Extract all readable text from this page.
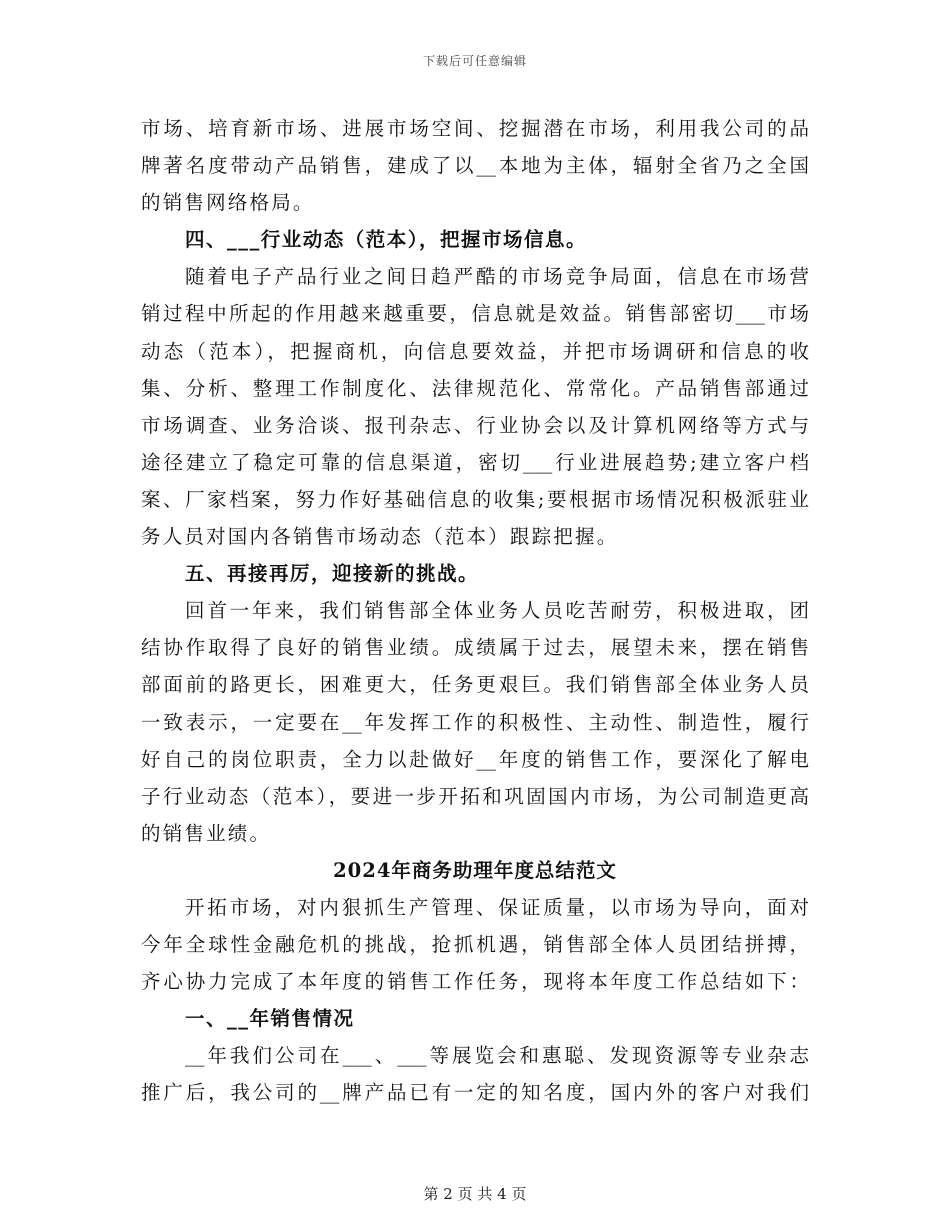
下载后可任意编辑
市场、培育新市场、进展市场空间、挖掘潜在市场，利用我公司的品
牌著名度带动产品销售，建成了以__本地为主体，辐射全省乃之全国
的销售网络格局。
四、___行业动态（范本），把握市场信息。
随着电子产品行业之间日趋严酷的市场竞争局面，信息在市场营
销过程中所起的作用越来越重要，信息就是效益。销售部密切___市场
动态（范本），把握商机，向信息要效益，并把市场调研和信息的收
集、分析、整理工作制度化、法律规范化、常常化。产品销售部通过
市场调查、业务洽谈、报刊杂志、行业协会以及计算机网络等方式与
途径建立了稳定可靠的信息渠道，密切___行业进展趋势;建立客户档
案、厂家档案，努力作好基础信息的收集;要根据市场情况积极派驻业
务人员对国内各销售市场动态（范本）跟踪把握。
五、再接再厉，迎接新的挑战。
回首一年来，我们销售部全体业务人员吃苦耐劳，积极进取，团
结协作取得了良好的销售业绩。成绩属于过去，展望未来，摆在销售
部面前的路更长，困难更大，任务更艰巨。我们销售部全体业务人员
一致表示，一定要在__年发挥工作的积极性、主动性、制造性，履行
好自己的岗位职责，全力以赴做好__年度的销售工作，要深化了解电
子行业动态（范本），要进一步开拓和巩固国内市场，为公司制造更高
的销售业绩。
2024年商务助理年度总结范文
开拓市场，对内狠抓生产管理、保证质量，以市场为导向，面对
今年全球性金融危机的挑战，抢抓机遇，销售部全体人员团结拼搏，
齐心协力完成了本年度的销售工作任务，现将本年度工作总结如下：
一、__年销售情况
__年我们公司在___、___等展览会和惠聪、发现资源等专业杂志
推广后，我公司的__牌产品已有一定的知名度，国内外的客户对我们
第 2 页 共 4 页
